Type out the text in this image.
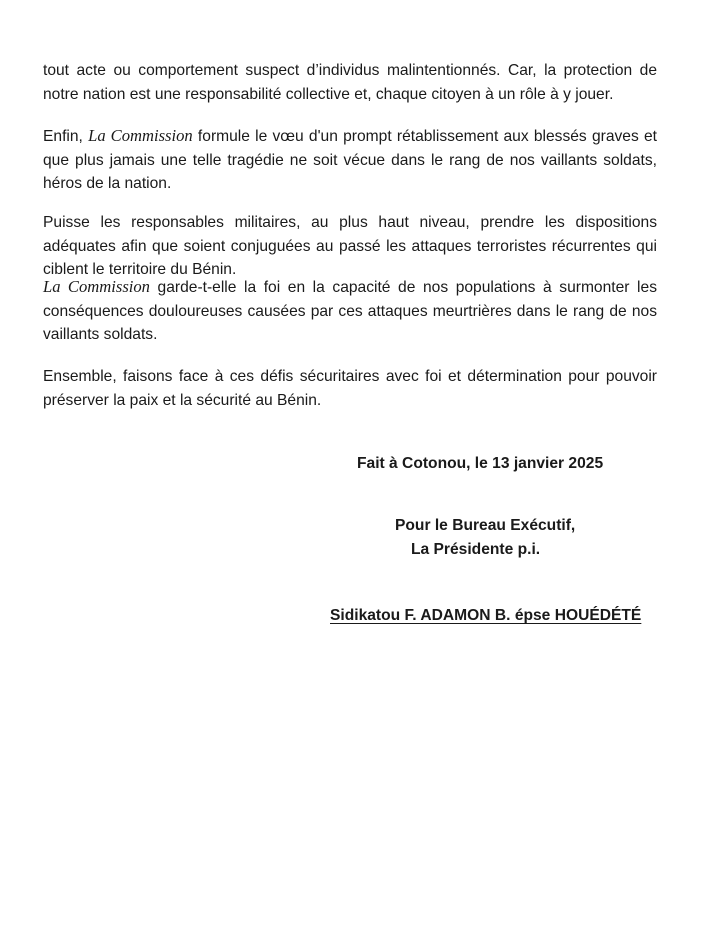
tout acte ou comportement suspect d’individus malintentionnés. Car, la protection de notre nation est une responsabilité collective et, chaque citoyen à un rôle à y jouer.

Enfin, La Commission formule le vœu d'un prompt rétablissement aux blessés graves et que plus jamais une telle tragédie ne soit vécue dans le rang de nos vaillants soldats, héros de la nation.

Puisse les responsables militaires, au plus haut niveau, prendre les dispositions adéquates afin que soient conjuguées au passé les attaques terroristes récurrentes qui ciblent le territoire du Bénin.

La Commission garde-t-elle la foi en la capacité de nos populations à surmonter les conséquences douloureuses causées par ces attaques meurtrières dans le rang de nos vaillants soldats.

Ensemble, faisons face à ces défis sécuritaires avec foi et détermination pour pouvoir préserver la paix et la sécurité au Bénin.

Fait à Cotonou, le 13 janvier 2025
Pour le Bureau Exécutif,
La Présidente p.i.
Sidikatou F. ADAMON B. épse HOUÉDÉTÉ
